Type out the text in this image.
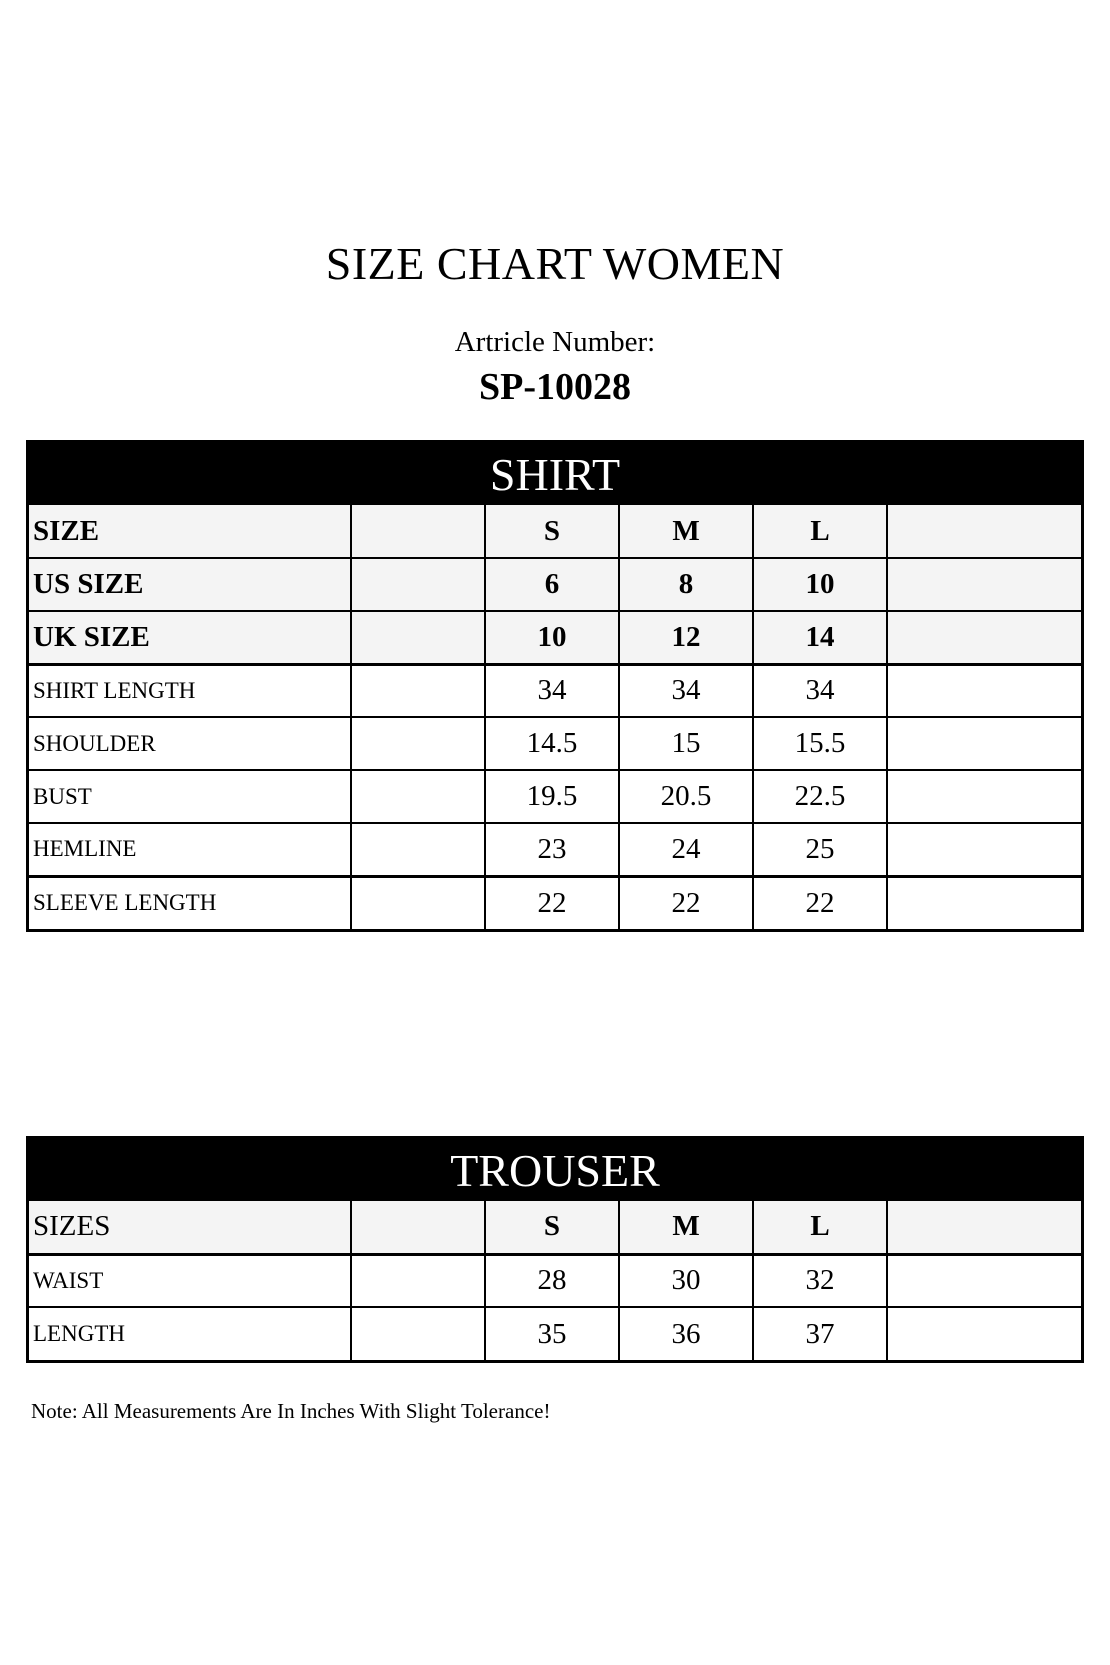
SIZE CHART WOMEN
Artricle Number:
SP-10028
SHIRT
SIZE		S	M	L	
US SIZE		6	8	10	
UK SIZE		10	12	14	
SHIRT LENGTH		34	34	34	
SHOULDER		14.5	15	15.5	
BUST		19.5	20.5	22.5	
HEMLINE		23	24	25	
SLEEVE LENGTH		22	22	22	
TROUSER
SIZES		S	M	L	
WAIST		28	30	32	
LENGTH		35	36	37	
Note: All Measurements Are In Inches With Slight Tolerance!
